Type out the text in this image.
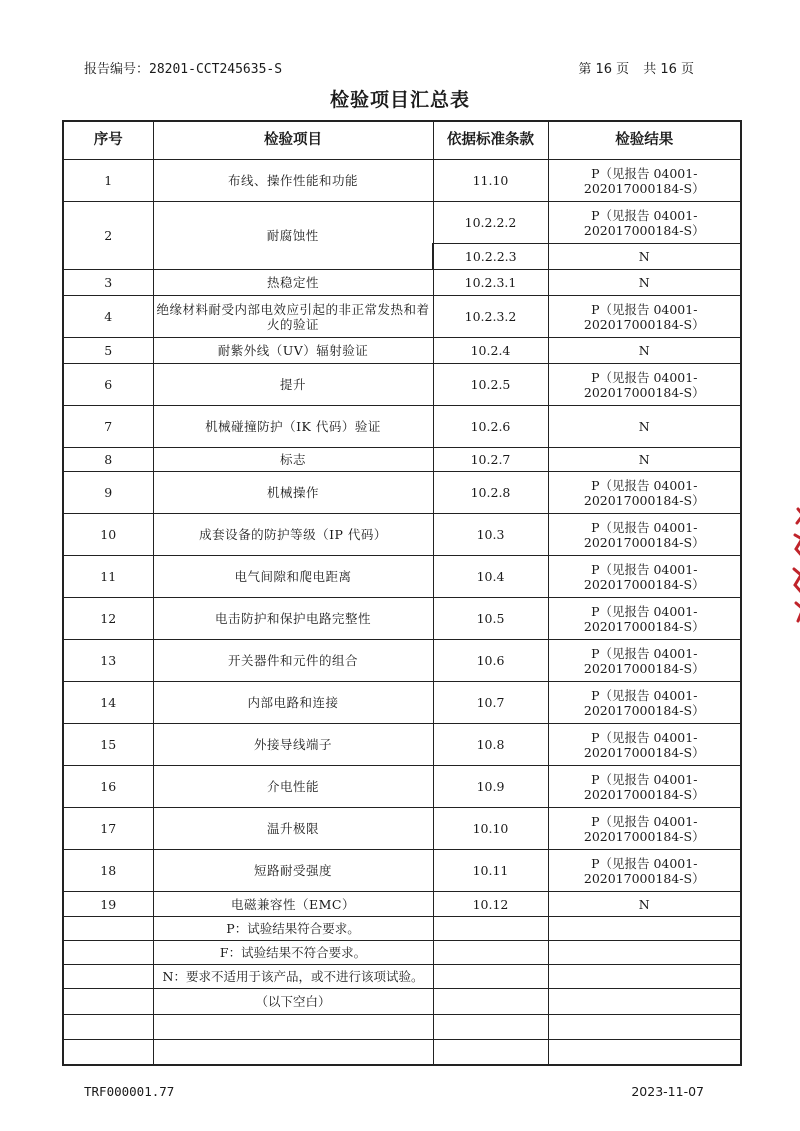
报告编号：28201-CCT245635-S	第 16 页 共 16 页
检验项目汇总表
序号	检验项目	依据标准条款	检验结果
1	布线、操作性能和功能	11.10	P（见报告 04001-202017000184-S）
2	耐腐蚀性	10.2.2.2	P（见报告 04001-202017000184-S）
		10.2.2.3	N
3	热稳定性	10.2.3.1	N
4	绝缘材料耐受内部电效应引起的非正常发热和着火的验证	10.2.3.2	P（见报告 04001-202017000184-S）
5	耐紫外线（UV）辐射验证	10.2.4	N
6	提升	10.2.5	P（见报告 04001-202017000184-S）
7	机械碰撞防护（IK 代码）验证	10.2.6	N
8	标志	10.2.7	N
9	机械操作	10.2.8	P（见报告 04001-202017000184-S）
10	成套设备的防护等级（IP 代码）	10.3	P（见报告 04001-202017000184-S）
11	电气间隙和爬电距离	10.4	P（见报告 04001-202017000184-S）
12	电击防护和保护电路完整性	10.5	P（见报告 04001-202017000184-S）
13	开关器件和元件的组合	10.6	P（见报告 04001-202017000184-S）
14	内部电路和连接	10.7	P（见报告 04001-202017000184-S）
15	外接导线端子	10.8	P（见报告 04001-202017000184-S）
16	介电性能	10.9	P（见报告 04001-202017000184-S）
17	温升极限	10.10	P（见报告 04001-202017000184-S）
18	短路耐受强度	10.11	P（见报告 04001-202017000184-S）
19	电磁兼容性（EMC）	10.12	N
	P：试验结果符合要求。		
	F：试验结果不符合要求。		
	N：要求不适用于该产品，或不进行该项试验。		
	（以下空白）		

TRF000001.77	2023-11-07
